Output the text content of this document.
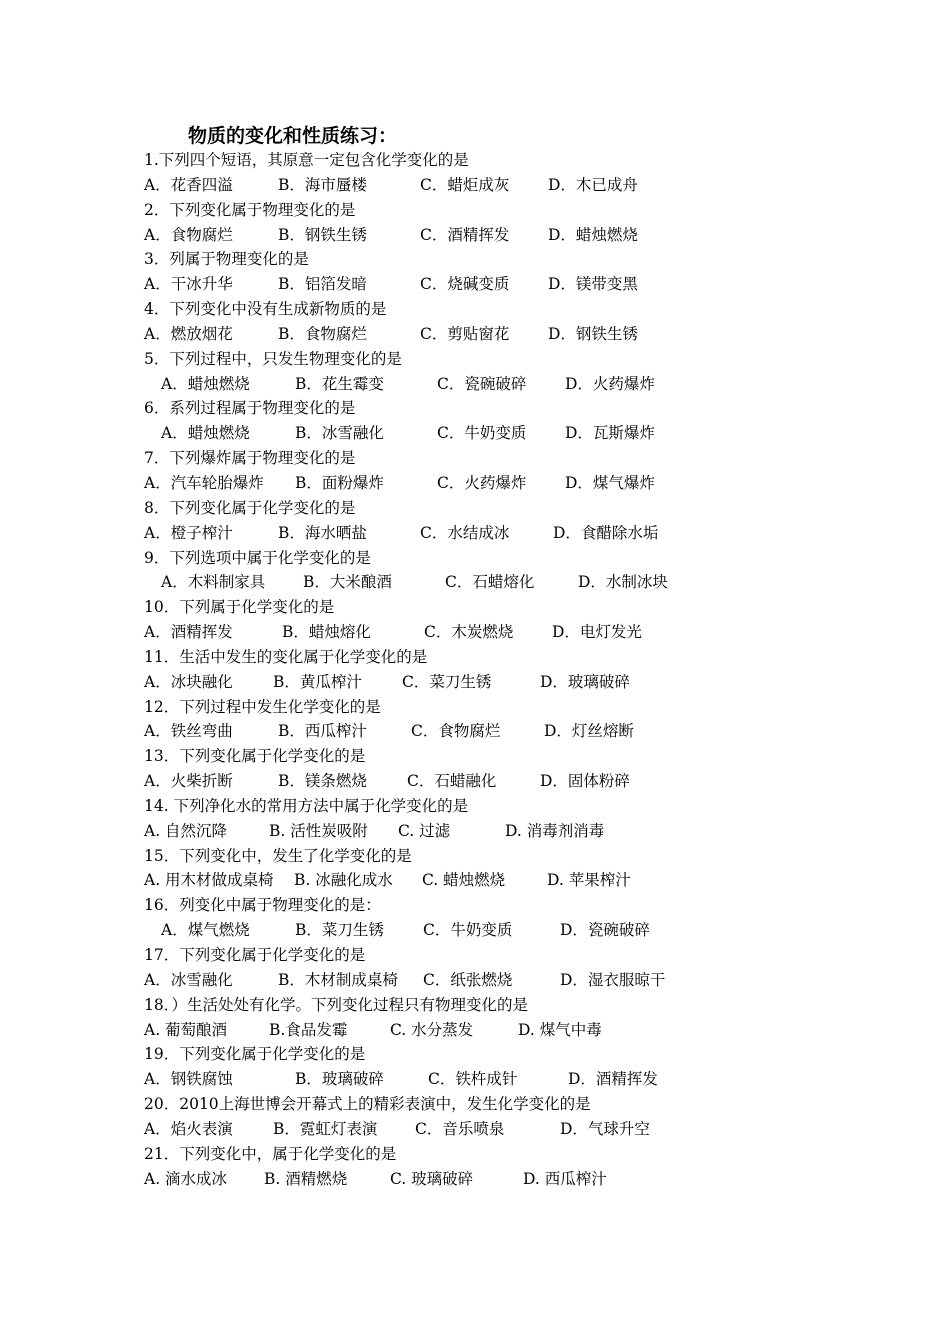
物质的变化和性质练习：
1.下列四个短语，其原意一定包含化学变化的是
A．花香四溢	B．海市蜃楼	C．蜡炬成灰 D．木已成舟
2．下列变化属于物理变化的是
A．食物腐烂	B．钢铁生锈	C．酒精挥发 D．蜡烛燃烧
3．列属于物理变化的是
A．干冰升华	B．铝箔发暗	C．烧碱变质 D．镁带变黑
4．下列变化中没有生成新物质的是
A．燃放烟花	B．食物腐烂	C．剪贴窗花 D．钢铁生锈
5．下列过程中，只发生物理变化的是
A．蜡烛燃烧	B．花生霉变	C．瓷碗破碎 D．火药爆炸
6．系列过程属于物理变化的是
A．蜡烛燃烧	B．冰雪融化	C．牛奶变质 D．瓦斯爆炸
7．下列爆炸属于物理变化的是
A．汽车轮胎爆炸 B．面粉爆炸	C．火药爆炸 D．煤气爆炸
8．下列变化属于化学变化的是
A．橙子榨汁	B．海水晒盐	C．水结成冰	D．食醋除水垢
9．下列选项中属于化学变化的是
A．木料制家具 B．大米酿酒	C．石蜡熔化	D．水制冰块
10．下列属于化学变化的是
A．酒精挥发	B．蜡烛熔化	C．木炭燃烧 D．电灯发光
11．生活中发生的变化属于化学变化的是
A．冰块融化	B．黄瓜榨汁	C．菜刀生锈	D．玻璃破碎
12．下列过程中发生化学变化的是
A．铁丝弯曲	B．西瓜榨汁	C．食物腐烂	D．灯丝熔断
13．下列变化属于化学变化的是
A．火柴折断	B．镁条燃烧	C．石蜡融化	D．固体粉碎
14. 下列净化水的常用方法中属于化学变化的是
A. 自然沉降	B. 活性炭吸附 C. 过滤	D. 消毒剂消毒
15．下列变化中，发生了化学变化的是
A. 用木材做成桌椅 B. 冰融化成水 C. 蜡烛燃烧	D. 苹果榨汁
16．列变化中属于物理变化的是：
A．煤气燃烧	B．菜刀生锈	C．牛奶变质	D．瓷碗破碎
17．下列变化属于化学变化的是
A．冰雪融化	B．木材制成桌椅 C．纸张燃烧	D．湿衣服晾干
18．）生活处处有化学。下列变化过程只有物理变化的是
A. 葡萄酿酒	B.食品发霉	C. 水分蒸发	D. 煤气中毒
19．下列变化属于化学变化的是
A．钢铁腐蚀	B．玻璃破碎	C．铁杵成针	D．酒精挥发
20．2010上海世博会开幕式上的精彩表演中，发生化学变化的是
A．焰火表演	B．霓虹灯表演 C．音乐喷泉	D．气球升空
21．下列变化中，属于化学变化的是
A. 滴水成冰 B. 酒精燃烧	C. 玻璃破碎	D. 西瓜榨汁
